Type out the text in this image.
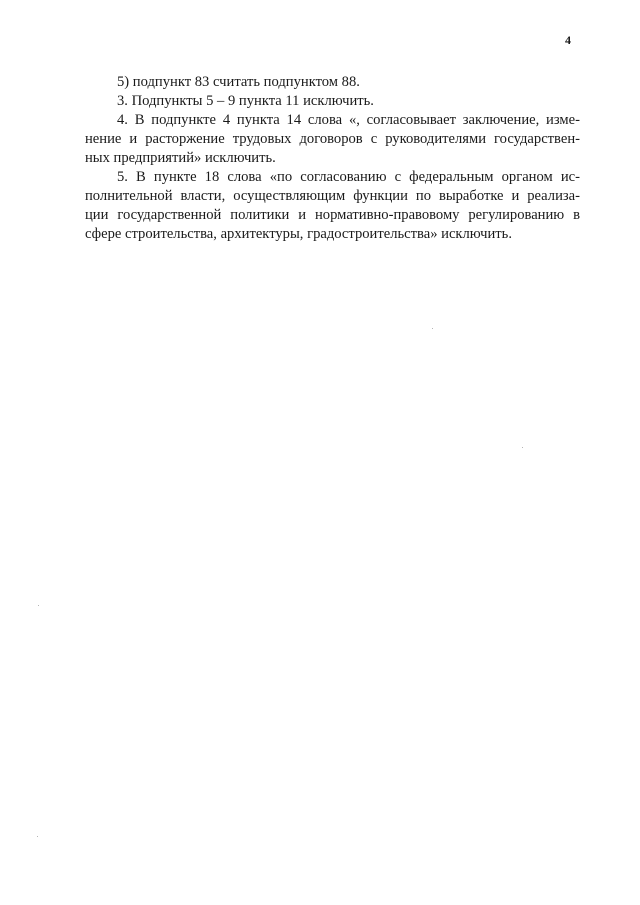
4

5) подпункт 83 считать подпунктом 88.

3. Подпункты 5 – 9 пункта 11 исключить.

4. В подпункте 4 пункта 14 слова «, согласовывает заключение, изме-
нение и расторжение трудовых договоров с руководителями государствен-
ных предприятий» исключить.

5. В пункте 18 слова «по согласованию с федеральным органом ис-
полнительной власти, осуществляющим функции по выработке и реализа-
ции государственной политики и нормативно-правовому регулированию в
сфере строительства, архитектуры, градостроительства» исключить.
